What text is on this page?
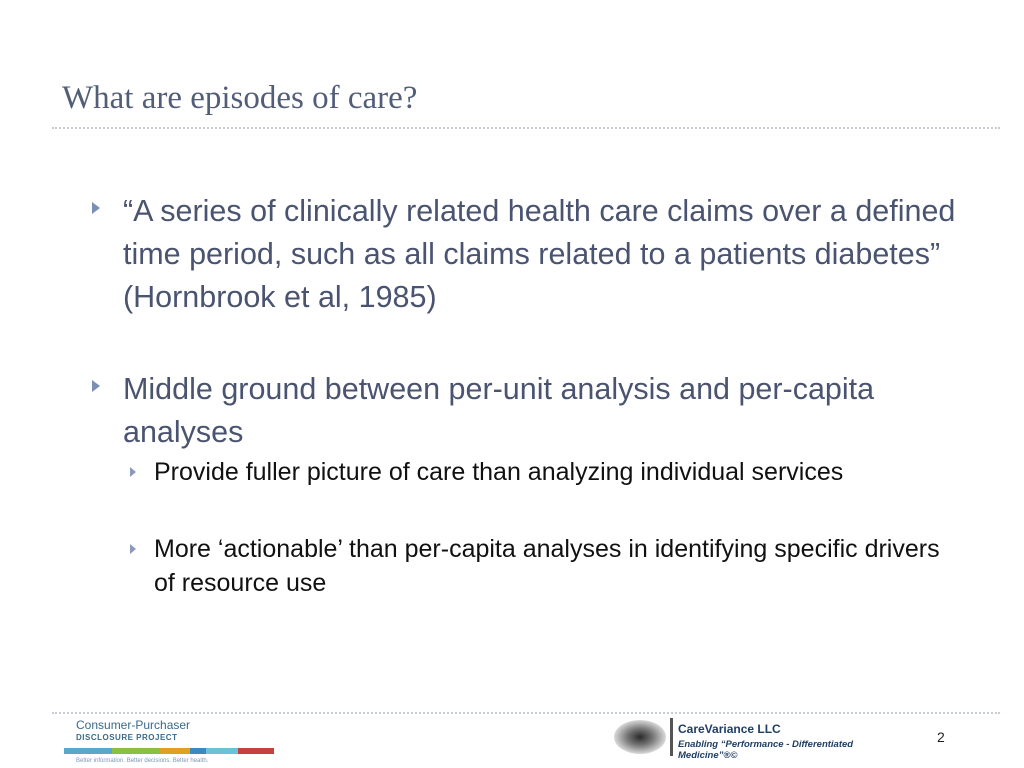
What are episodes of care?
“A series of clinically related health care claims over a defined time period, such as all claims related to a patients diabetes” (Hornbrook et al, 1985)
Middle ground between per-unit analysis and per-capita analyses
Provide fuller picture of care than analyzing individual services
More ‘actionable’ than per-capita analyses in identifying specific drivers of resource use
Consumer-Purchaser
DISCLOSURE PROJECT
Better information. Better decisions. Better health.
CareVariance LLC
Enabling “Performance - Differentiated Medicine”®©
2
